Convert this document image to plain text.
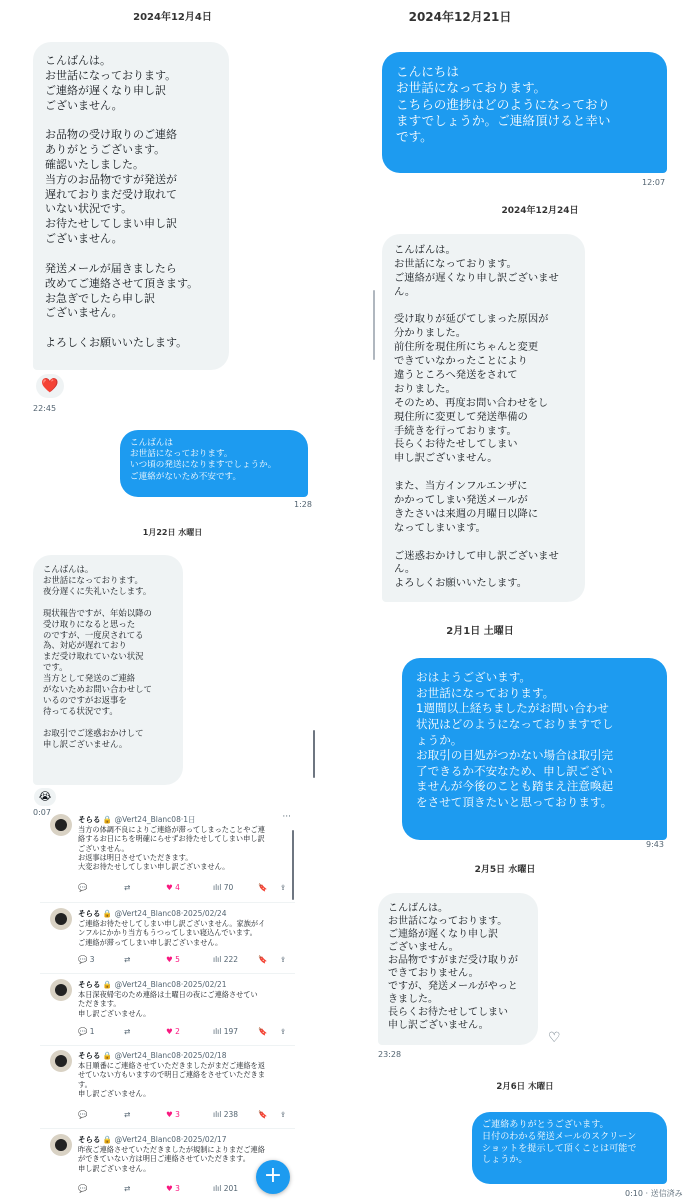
2024年12月4日
こんばんは。
お世話になっております。
ご連絡が遅くなり申し訳
ございません。

お品物の受け取りのご連絡
ありがとうございます。
確認いたしました。
当方のお品物ですが発送が
遅れておりまだ受け取れて
いない状況です。
お待たせしてしまい申し訳
ございません。

発送メールが届きましたら
改めてご連絡させて頂きます。
お急ぎでしたら申し訳
ございません。

よろしくお願いいたします。
❤️
22:45
こんばんは
お世話になっております。
いつ頃の発送になりますでしょうか。
ご連絡がないため不安です。
1:28
1月22日 水曜日
こんばんは。
お世話になっております。
夜分遅くに失礼いたします。

現状報告ですが、年始以降の
受け取りになると思った
のですが、一度戻されてる
為、対応が遅れており
まだ受け取れていない状況
です。
当方として発送のご連絡
がないためお問い合わせして
いるのですがお返事を
待ってる状況です。

お取引でご迷惑おかけして
申し訳ございません。
😭
0:07
そらる 🔒 @Vert24_Blanc08·1日
当方の体調不良によりご連絡が滞ってしまったことやご連
絡するお日にちを明確にらせずお待たせしてしまい申し訳
ございません。
お返事は明日させていただきます。
大変お待たせしてしまい申し訳ございません。
💬	⇄	♥ 4	ılıl 70	🔖 ⇪
···
そらる 🔒 @Vert24_Blanc08·2025/02/24
ご連絡お待たせしてしまい申し訳ございません。家族がイ
ンフルにかかり当方もうつってしまい寝込んでいます。
ご連絡が滞ってしまい申し訳ございません。
💬 3	⇄	♥ 5	ılıl 222	🔖 ⇪
そらる 🔒 @Vert24_Blanc08·2025/02/21
本日深夜帰宅のため連絡は土曜日の夜にご連絡させてい
ただきます。
申し訳ございません。
💬 1	⇄	♥ 2	ılıl 197	🔖 ⇪
そらる 🔒 @Vert24_Blanc08·2025/02/18
本日順番にご連絡させていただきましたがまだご連絡を返
せていない方もいますので明日ご連絡をさせていただきま
す。
申し訳ございません。
💬	⇄	♥ 3	ılıl 238	🔖 ⇪
そらる 🔒 @Vert24_Blanc08·2025/02/17
昨夜ご連絡させていただきましたが規制によりまだご連絡
ができていない方は明日ご連絡させていただきます。
申し訳ございません。
💬	⇄	♥ 3	ılıl 201
+
2024年12月21日
こんにちは
お世話になっております。
こちらの進捗はどのようになっており
ますでしょうか。ご連絡頂けると幸い
です。
12:07
2024年12月24日
こんばんは。
お世話になっております。
ご連絡が遅くなり申し訳ございませ
ん。

受け取りが延びてしまった原因が
分かりました。
前住所を現住所にちゃんと変更
できていなかったことにより
違うところへ発送をされて
おりました。
そのため、再度お問い合わせをし
現住所に変更して発送準備の
手続きを行っております。
長らくお待たせしてしまい
申し訳ございません。

また、当方インフルエンザに
かかってしまい発送メールが
きたさいは来週の月曜日以降に
なってしまいます。

ご迷惑おかけして申し訳ございませ
ん。
よろしくお願いいたします。
2月1日 土曜日
おはようございます。
お世話になっております。
1週間以上経ちましたがお問い合わせ
状況はどのようになっておりますでし
ょうか。
お取引の目処がつかない場合は取引完
了できるか不安なため、申し訳ござい
ませんが今後のことも踏まえ注意喚起
をさせて頂きたいと思っております。
9:43
2月5日 水曜日
こんばんは。
お世話になっております。
ご連絡が遅くなり申し訳
ございません。
お品物ですがまだ受け取りが
できておりません。
ですが、発送メールがやっと
きました。
長らくお待たせしてしまい
申し訳ございません。
♡
23:28
2月6日 木曜日
ご連絡ありがとうございます。
日付のわかる発送メールのスクリーン
ショットを提示して頂くことは可能で
しょうか。
0:10 · 送信済み
